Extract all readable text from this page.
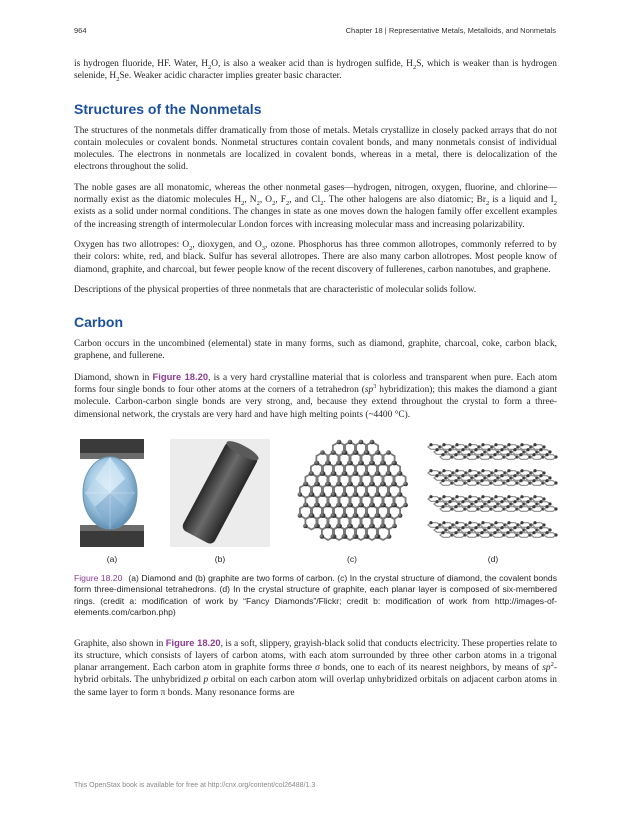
964	Chapter 18 | Representative Metals, Metalloids, and Nonmetals

is hydrogen fluoride, HF. Water, $H_2O$, is also a weaker acid than is hydrogen sulfide, $H_2S$, which is weaker than is hydrogen selenide, $H_2Se$. Weaker acidic character implies greater basic character.

Structures of the Nonmetals

The structures of the nonmetals differ dramatically from those of metals. Metals crystallize in closely packed arrays that do not contain molecules or covalent bonds. Nonmetal structures contain covalent bonds, and many nonmetals consist of individual molecules. The electrons in nonmetals are localized in covalent bonds, whereas in a metal, there is delocalization of the electrons throughout the solid.

The noble gases are all monatomic, whereas the other nonmetal gases—hydrogen, nitrogen, oxygen, fluorine, and chlorine—normally exist as the diatomic molecules $H_2$, $N_2$, $O_2$, $F_2$, and $Cl_2$. The other halogens are also diatomic; $Br_2$ is a liquid and $I_2$ exists as a solid under normal conditions. The changes in state as one moves down the halogen family offer excellent examples of the increasing strength of intermolecular London forces with increasing molecular mass and increasing polarizability.

Oxygen has two allotropes: $O_2$, dioxygen, and $O_3$, ozone. Phosphorus has three common allotropes, commonly referred to by their colors: white, red, and black. Sulfur has several allotropes. There are also many carbon allotropes. Most people know of diamond, graphite, and charcoal, but fewer people know of the recent discovery of fullerenes, carbon nanotubes, and graphene.

Descriptions of the physical properties of three nonmetals that are characteristic of molecular solids follow.

Carbon

Carbon occurs in the uncombined (elemental) state in many forms, such as diamond, graphite, charcoal, coke, carbon black, graphene, and fullerene.

Diamond, shown in Figure 18.20, is a very hard crystalline material that is colorless and transparent when pure. Each atom forms four single bonds to four other atoms at the corners of a tetrahedron ($sp^3$ hybridization); this makes the diamond a giant molecule. Carbon-carbon single bonds are very strong, and, because they extend throughout the crystal to form a three-dimensional network, the crystals are very hard and have high melting points (~4400 °C).

(a)	(b)	(c)	(d)

Figure 18.20 (a) Diamond and (b) graphite are two forms of carbon. (c) In the crystal structure of diamond, the covalent bonds form three-dimensional tetrahedrons. (d) In the crystal structure of graphite, each planar layer is composed of six-membered rings. (credit a: modification of work by “Fancy Diamonds”/Flickr; credit b: modification of work from http://images-of-elements.com/carbon.php)

Graphite, also shown in Figure 18.20, is a soft, slippery, grayish-black solid that conducts electricity. These properties relate to its structure, which consists of layers of carbon atoms, with each atom surrounded by three other carbon atoms in a trigonal planar arrangement. Each carbon atom in graphite forms three σ bonds, one to each of its nearest neighbors, by means of $sp^2$-hybrid orbitals. The unhybridized p orbital on each carbon atom will overlap unhybridized orbitals on adjacent carbon atoms in the same layer to form π bonds. Many resonance forms are

This OpenStax book is available for free at http://cnx.org/content/col26488/1.3
